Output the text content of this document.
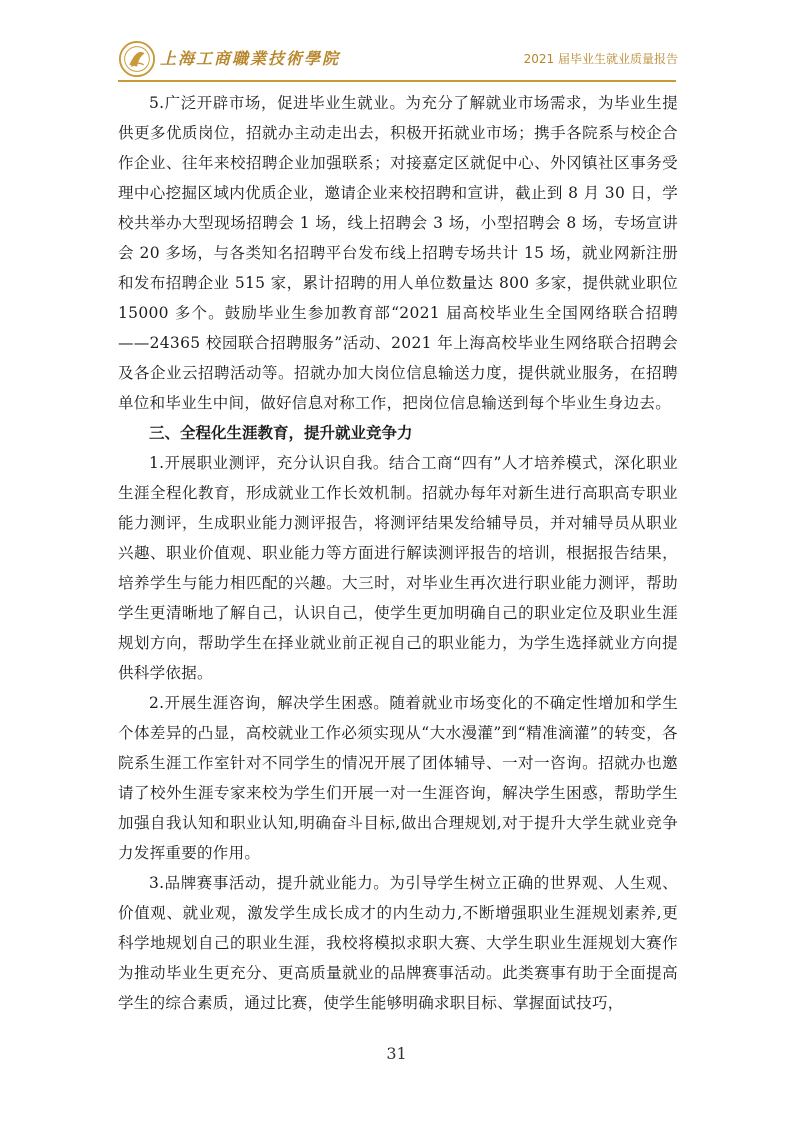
上海工商職業技術學院	2021 届毕业生就业质量报告

5.广泛开辟市场，促进毕业生就业。为充分了解就业市场需求，为毕业生提供更多优质岗位，招就办主动走出去，积极开拓就业市场；携手各院系与校企合作企业、往年来校招聘企业加强联系；对接嘉定区就促中心、外冈镇社区事务受理中心挖掘区域内优质企业，邀请企业来校招聘和宣讲，截止到 8 月 30 日，学校共举办大型现场招聘会 1 场，线上招聘会 3 场，小型招聘会 8 场，专场宣讲会 20 多场，与各类知名招聘平台发布线上招聘专场共计 15 场，就业网新注册和发布招聘企业 515 家，累计招聘的用人单位数量达 800 多家，提供就业职位 15000 多个。鼓励毕业生参加教育部“2021 届高校毕业生全国网络联合招聘——24365 校园联合招聘服务”活动、2021 年上海高校毕业生网络联合招聘会及各企业云招聘活动等。招就办加大岗位信息输送力度，提供就业服务，在招聘单位和毕业生中间，做好信息对称工作，把岗位信息输送到每个毕业生身边去。

三、全程化生涯教育，提升就业竞争力

1.开展职业测评，充分认识自我。结合工商“四有”人才培养模式，深化职业生涯全程化教育，形成就业工作长效机制。招就办每年对新生进行高职高专职业能力测评，生成职业能力测评报告，将测评结果发给辅导员，并对辅导员从职业兴趣、职业价值观、职业能力等方面进行解读测评报告的培训，根据报告结果，培养学生与能力相匹配的兴趣。大三时，对毕业生再次进行职业能力测评，帮助学生更清晰地了解自己，认识自己，使学生更加明确自己的职业定位及职业生涯规划方向，帮助学生在择业就业前正视自己的职业能力，为学生选择就业方向提供科学依据。

2.开展生涯咨询，解决学生困惑。随着就业市场变化的不确定性增加和学生个体差异的凸显，高校就业工作必须实现从“大水漫灌”到“精准滴灌”的转变，各院系生涯工作室针对不同学生的情况开展了团体辅导、一对一咨询。招就办也邀请了校外生涯专家来校为学生们开展一对一生涯咨询，解决学生困惑，帮助学生加强自我认知和职业认知,明确奋斗目标,做出合理规划,对于提升大学生就业竞争力发挥重要的作用。

3.品牌赛事活动，提升就业能力。为引导学生树立正确的世界观、人生观、价值观、就业观，激发学生成长成才的内生动力,不断增强职业生涯规划素养,更科学地规划自己的职业生涯，我校将模拟求职大赛、大学生职业生涯规划大赛作为推动毕业生更充分、更高质量就业的品牌赛事活动。此类赛事有助于全面提高学生的综合素质，通过比赛，使学生能够明确求职目标、掌握面试技巧，

31
